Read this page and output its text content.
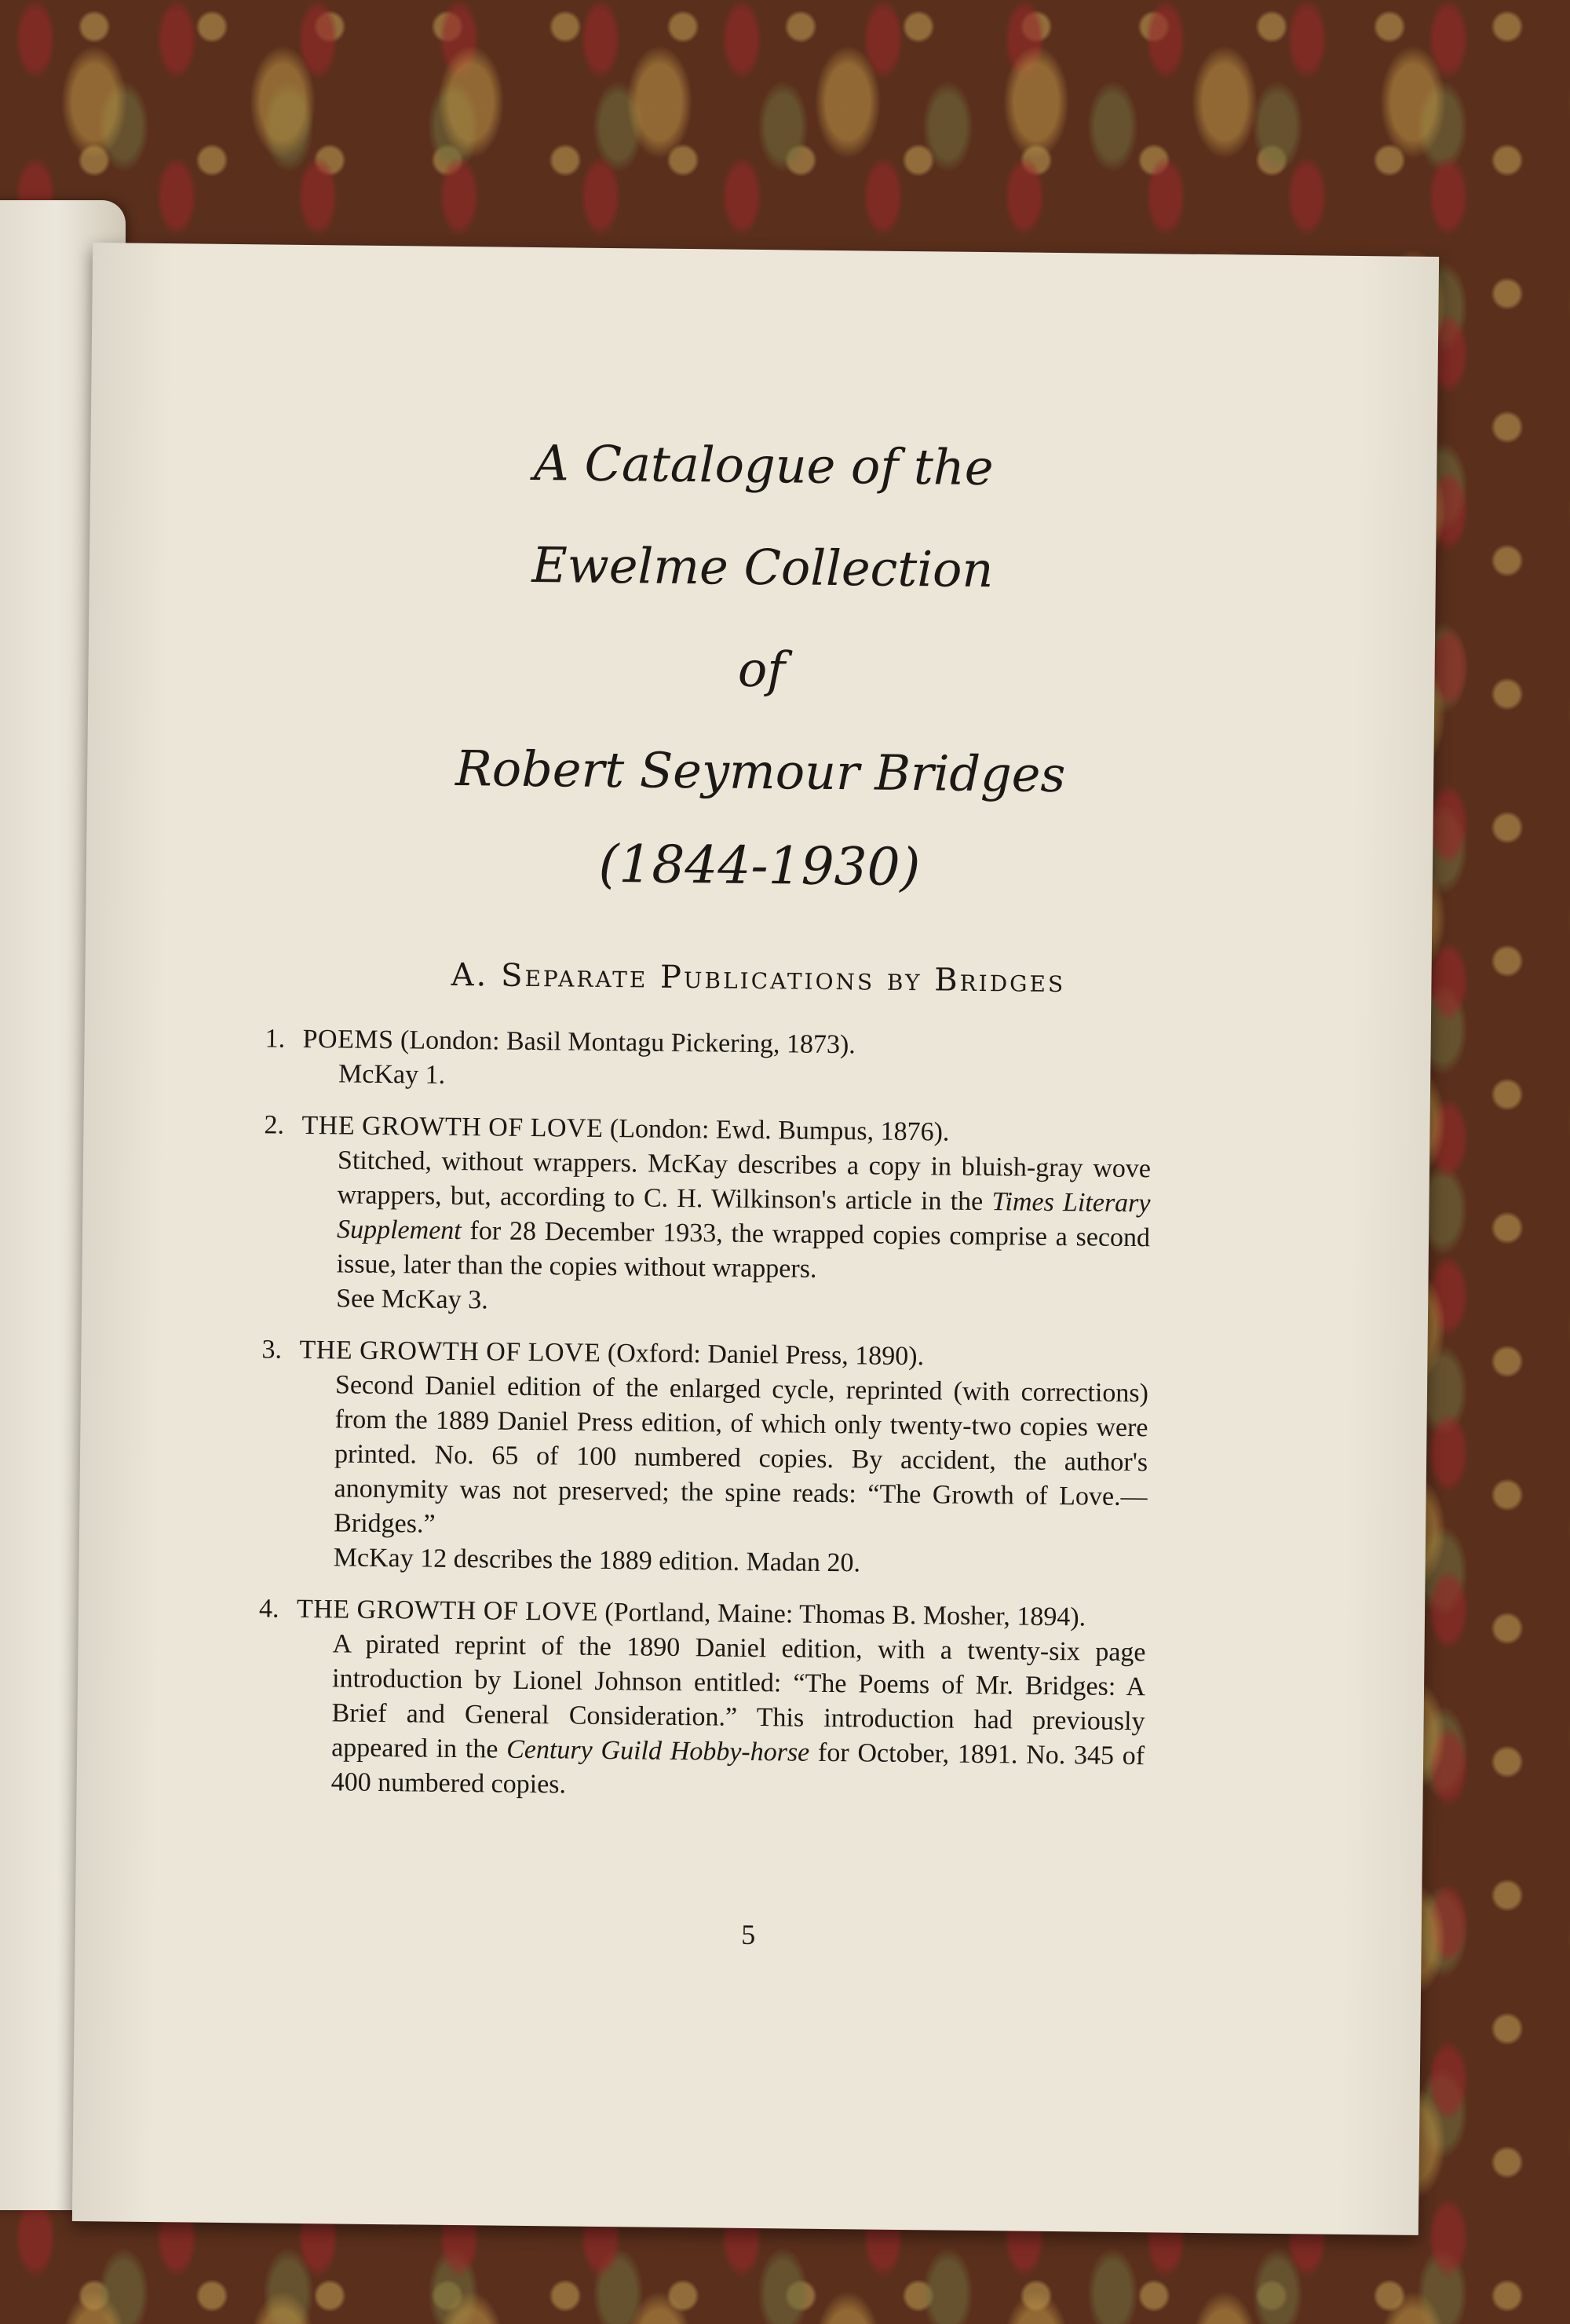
A Catalogue of the

Ewelme Collection

of

Robert Seymour Bridges

(1844-1930)

A. Separate Publications by Bridges
1. POEMS (London: Basil Montagu Pickering, 1873).

McKay 1.

2. THE GROWTH OF LOVE (London: Ewd. Bumpus, 1876).

Stitched, without wrappers. McKay describes a copy in bluish-gray wove wrappers, but, according to C. H. Wilkinson's article in the Times Literary Supplement for 28 December 1933, the wrapped copies comprise a second issue, later than the copies without wrappers.

See McKay 3.

3. THE GROWTH OF LOVE (Oxford: Daniel Press, 1890).

Second Daniel edition of the enlarged cycle, reprinted (with corrections) from the 1889 Daniel Press edition, of which only twenty-two copies were printed. No. 65 of 100 numbered copies. By accident, the author's anonymity was not preserved; the spine reads: “The Growth of Love.—Bridges.”

McKay 12 describes the 1889 edition. Madan 20.

4. THE GROWTH OF LOVE (Portland, Maine: Thomas B. Mosher, 1894).

A pirated reprint of the 1890 Daniel edition, with a twenty-six page introduction by Lionel Johnson entitled: “The Poems of Mr. Bridges: A Brief and General Consideration.” This introduction had previously appeared in the Century Guild Hobby-horse for October, 1891. No. 345 of 400 numbered copies.

5
